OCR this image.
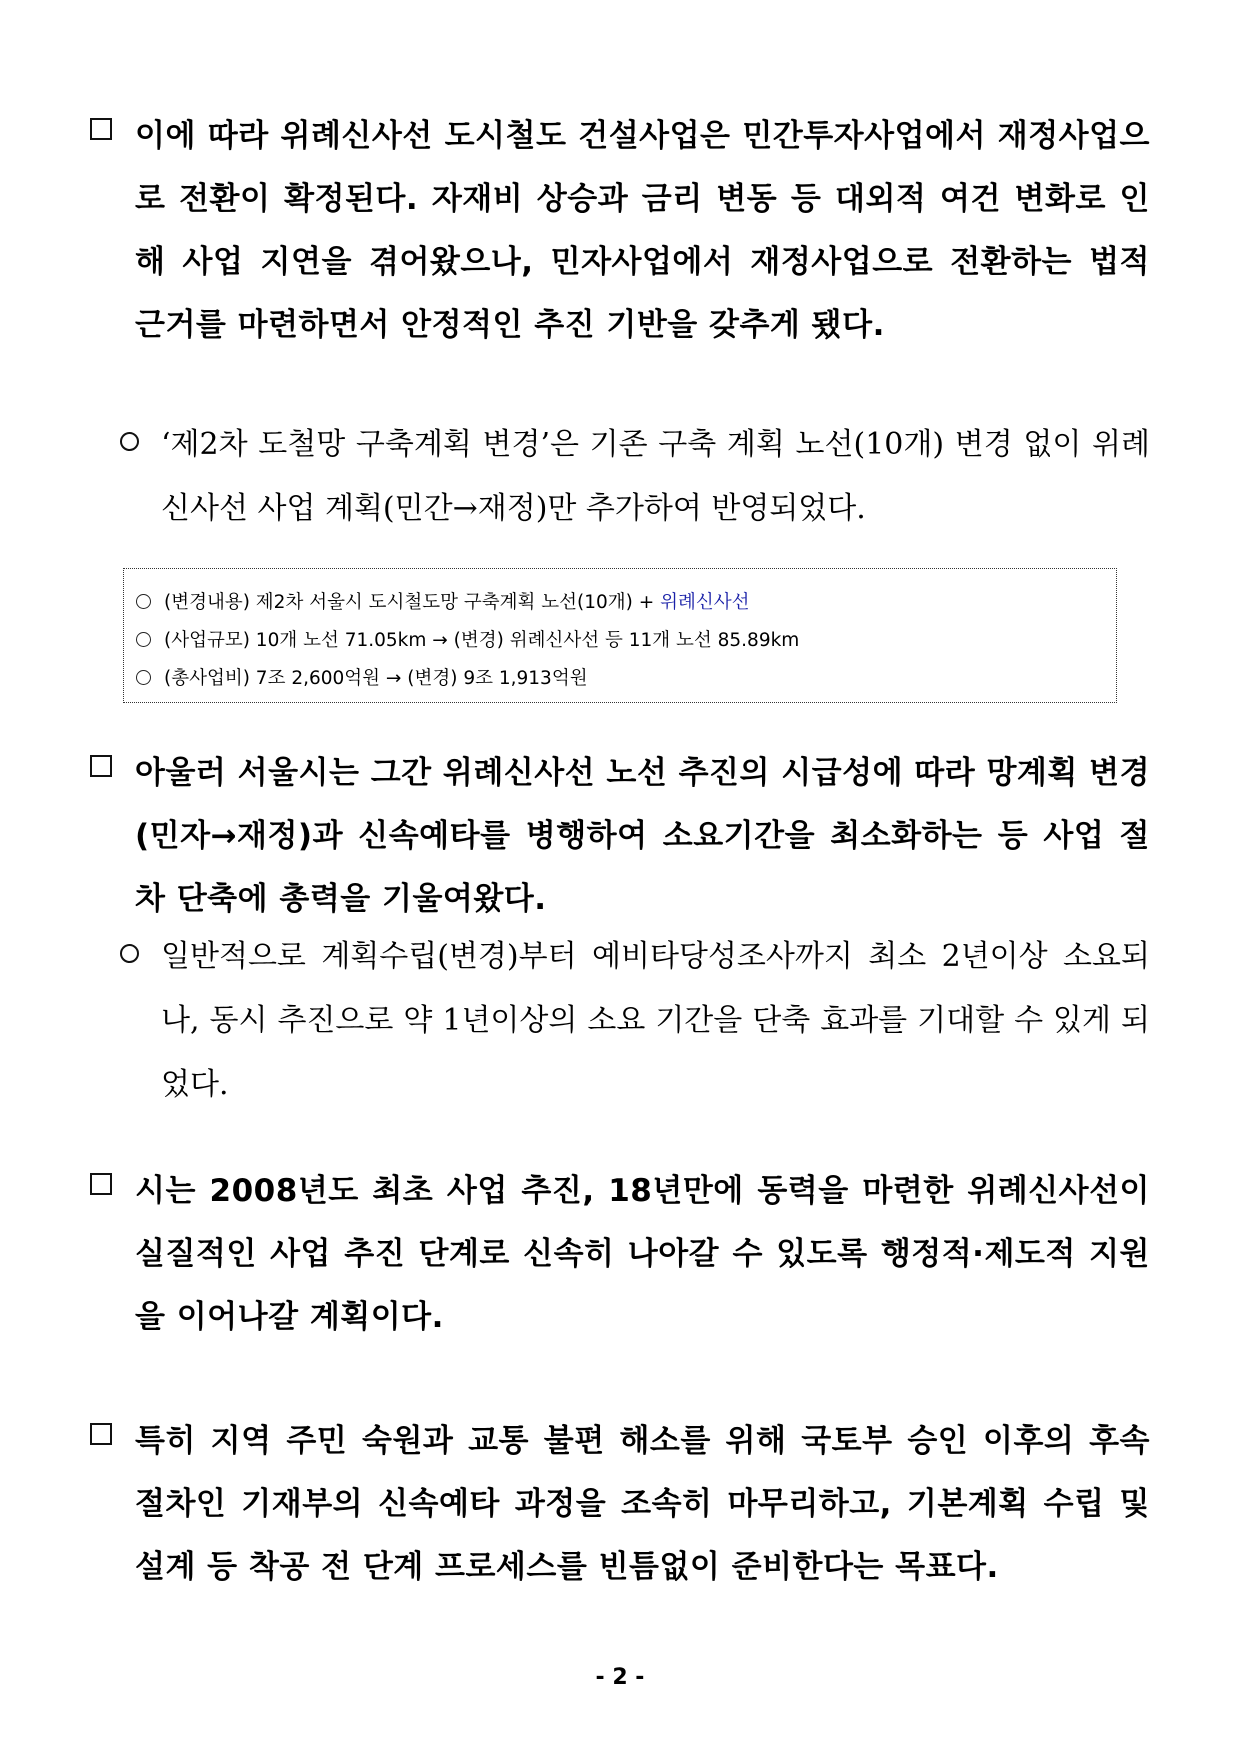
이에 따라 위례신사선 도시철도 건설사업은 민간투자사업에서 재정사업으로 전환이 확정된다. 자재비 상승과 금리 변동 등 대외적 여건 변화로 인해 사업 지연을 겪어왔으나, 민자사업에서 재정사업으로 전환하는 법적 근거를 마련하면서 안정적인 추진 기반을 갖추게 됐다.
‘제2차 도철망 구축계획 변경’은 기존 구축 계획 노선(10개) 변경 없이 위례신사선 사업 계획(민간→재정)만 추가하여 반영되었다.
(변경내용) 제2차 서울시 도시철도망 구축계획 노선(10개) + 위례신사선
(사업규모) 10개 노선 71.05km → (변경) 위례신사선 등 11개 노선 85.89km
(총사업비) 7조 2,600억원 → (변경) 9조 1,913억원
아울러 서울시는 그간 위례신사선 노선 추진의 시급성에 따라 망계획 변경(민자→재정)과 신속예타를 병행하여 소요기간을 최소화하는 등 사업 절차 단축에 총력을 기울여왔다.
일반적으로 계획수립(변경)부터 예비타당성조사까지 최소 2년이상 소요되나, 동시 추진으로 약 1년이상의 소요 기간을 단축 효과를 기대할 수 있게 되었다.
시는 2008년도 최초 사업 추진, 18년만에 동력을 마련한 위례신사선이 실질적인 사업 추진 단계로 신속히 나아갈 수 있도록 행정적·제도적 지원을 이어나갈 계획이다.
특히 지역 주민 숙원과 교통 불편 해소를 위해 국토부 승인 이후의 후속 절차인 기재부의 신속예타 과정을 조속히 마무리하고, 기본계획 수립 및 설계 등 착공 전 단계 프로세스를 빈틈없이 준비한다는 목표다.
- 2 -
